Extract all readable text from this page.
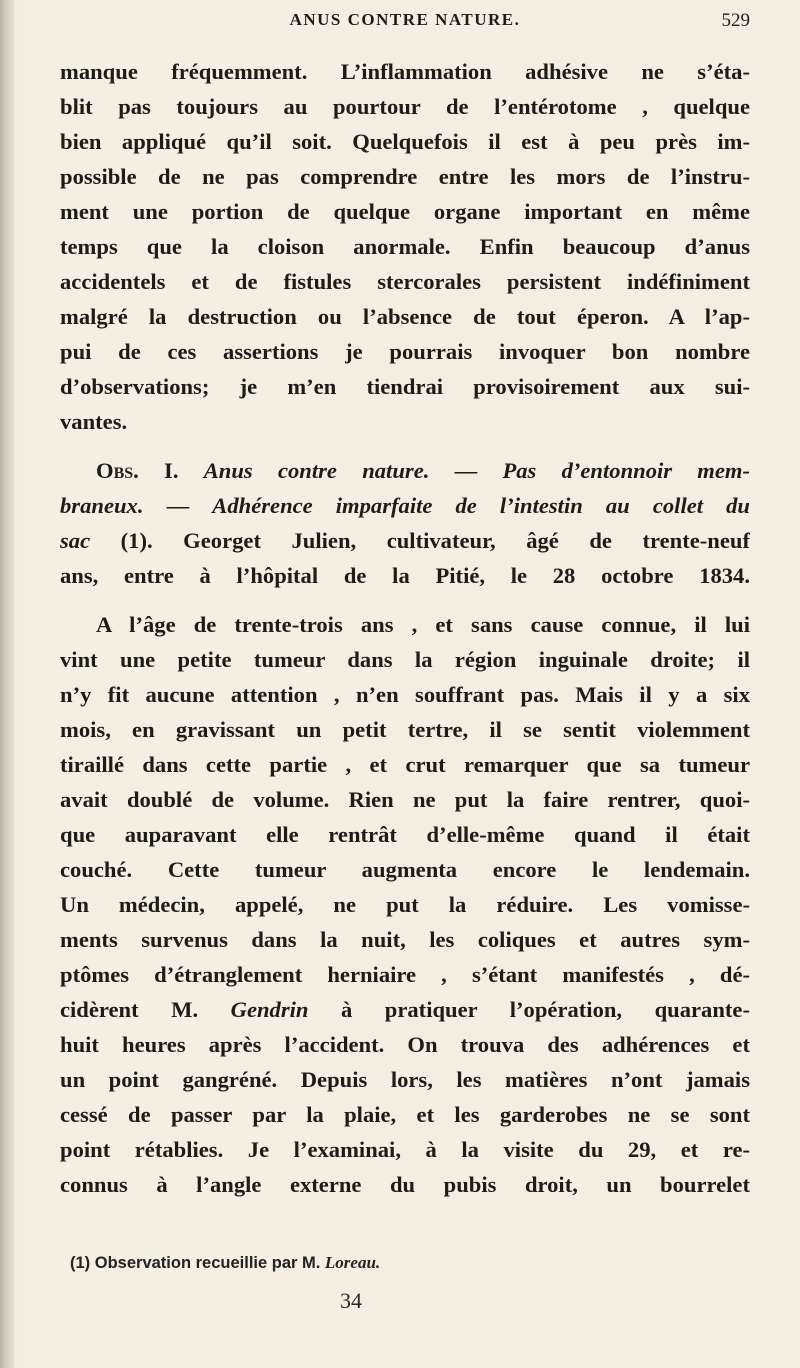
ANUS CONTRE NATURE.	529
manque fréquemment. L’inflammation adhésive ne s’éta-
blit pas toujours au pourtour de l’entérotome , quelque
bien appliqué qu’il soit. Quelquefois il est à peu près im-
possible de ne pas comprendre entre les mors de l’instru-
ment une portion de quelque organe important en même
temps que la cloison anormale. Enfin beaucoup d’anus
accidentels et de fistules stercorales persistent indéfiniment
malgré la destruction ou l’absence de tout éperon. A l’ap-
pui de ces assertions je pourrais invoquer bon nombre
d’observations; je m’en tiendrai provisoirement aux sui-
vantes.
Obs. I. Anus contre nature. — Pas d’entonnoir mem-
braneux. — Adhérence imparfaite de l’intestin au collet du
sac (1). Georget Julien, cultivateur, âgé de trente-neuf
ans, entre à l’hôpital de la Pitié, le 28 octobre 1834.
A l’âge de trente-trois ans , et sans cause connue, il lui
vint une petite tumeur dans la région inguinale droite; il
n’y fit aucune attention , n’en souffrant pas. Mais il y a six
mois, en gravissant un petit tertre, il se sentit violemment
tiraillé dans cette partie , et crut remarquer que sa tumeur
avait doublé de volume. Rien ne put la faire rentrer, quoi-
que auparavant elle rentrât d’elle-même quand il était
couché. Cette tumeur augmenta encore le lendemain.
Un médecin, appelé, ne put la réduire. Les vomisse-
ments survenus dans la nuit, les coliques et autres sym-
ptômes d’étranglement herniaire , s’étant manifestés , dé-
cidèrent M. Gendrin à pratiquer l’opération, quarante-
huit heures après l’accident. On trouva des adhérences et
un point gangréné. Depuis lors, les matières n’ont jamais
cessé de passer par la plaie, et les garderobes ne se sont
point rétablies. Je l’examinai, à la visite du 29, et re-
connus à l’angle externe du pubis droit, un bourrelet
(1) Observation recueillie par M. Loreau.
34
